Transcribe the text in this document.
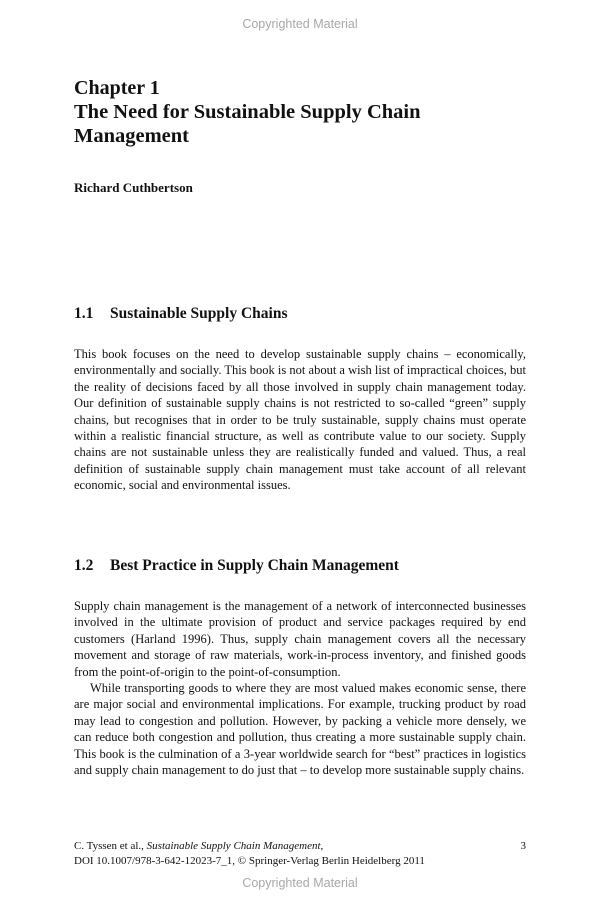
Copyrighted Material
Chapter 1
The Need for Sustainable Supply Chain Management
Richard Cuthbertson
1.1 Sustainable Supply Chains

This book focuses on the need to develop sustainable supply chains – economically, environmentally and socially. This book is not about a wish list of impractical choices, but the reality of decisions faced by all those involved in supply chain management today. Our definition of sustainable supply chains is not restricted to so-called “green” supply chains, but recognises that in order to be truly sustainable, supply chains must operate within a realistic financial structure, as well as contribute value to our society. Supply chains are not sustainable unless they are realistically funded and valued. Thus, a real definition of sustainable supply chain management must take account of all relevant economic, social and environmental issues.

1.2 Best Practice in Supply Chain Management

Supply chain management is the management of a network of interconnected businesses involved in the ultimate provision of product and service packages required by end customers (Harland 1996). Thus, supply chain management covers all the necessary movement and storage of raw materials, work-in-process inventory, and finished goods from the point-of-origin to the point-of-consumption.

While transporting goods to where they are most valued makes economic sense, there are major social and environmental implications. For example, trucking product by road may lead to congestion and pollution. However, by packing a vehicle more densely, we can reduce both congestion and pollution, thus creating a more sustainable supply chain. This book is the culmination of a 3-year worldwide search for “best” practices in logistics and supply chain management to do just that – to develop more sustainable supply chains.

C. Tyssen et al., Sustainable Supply Chain Management,
DOI 10.1007/978-3-642-12023-7_1, © Springer-Verlag Berlin Heidelberg 2011
3
Copyrighted Material
